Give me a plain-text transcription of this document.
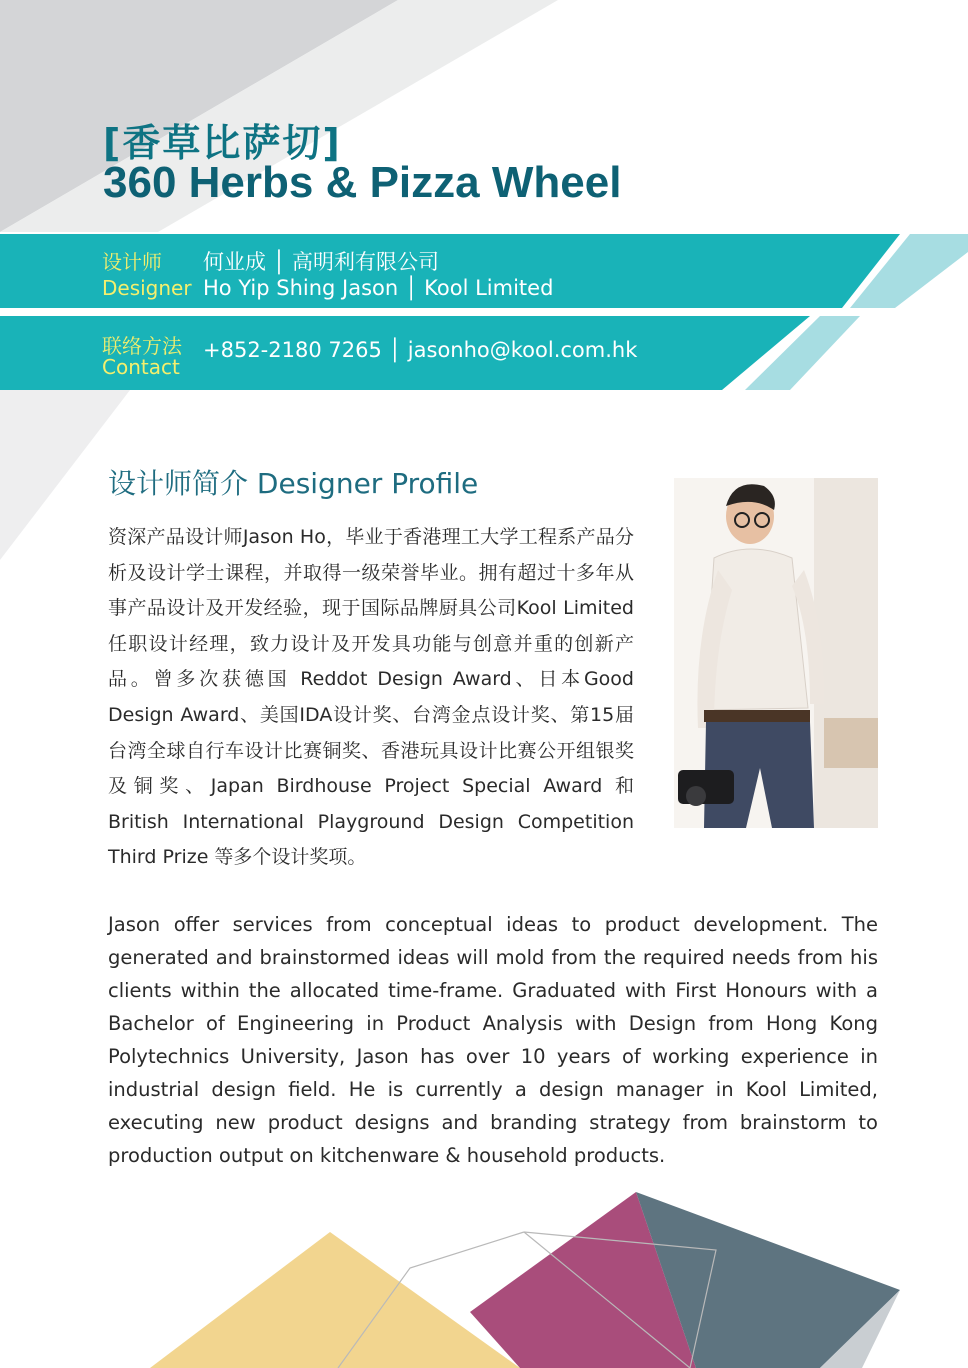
[香草比萨切]
360 Herbs & Pizza Wheel
设计师
Designer
何业成 │ 高明利有限公司
Ho Yip Shing Jason │ Kool Limited
联络方法
Contact
+852-2180 7265 │ jasonho@kool.com.hk
设计师简介 Designer Profile
资深产品设计师Jason Ho，毕业于香港理工大学工程系产品分析及设计学士课程，并取得一级荣誉毕业。拥有超过十多年从事产品设计及开发经验，现于国际品牌厨具公司Kool Limited任职设计经理，致力设计及开发具功能与创意并重的创新产品。曾多次获德国 Reddot Design Award、日本Good Design Award、美国IDA设计奖、台湾金点设计奖、第15届台湾全球自行车设计比赛铜奖、香港玩具设计比赛公开组银奖及铜奖、Japan Birdhouse Project Special Award 和 British International Playground Design Competition Third Prize 等多个设计奖项。
Jason offer services from conceptual ideas to product development. The generated and brainstormed ideas will mold from the required needs from his clients within the allocated time-frame. Graduated with First Honours with a Bachelor of Engineering in Product Analysis with Design from Hong Kong Polytechnics University, Jason has over 10 years of working experience in industrial design field. He is currently a design manager in Kool Limited, executing new product designs and branding strategy from brainstorm to production output on kitchenware & household products.
